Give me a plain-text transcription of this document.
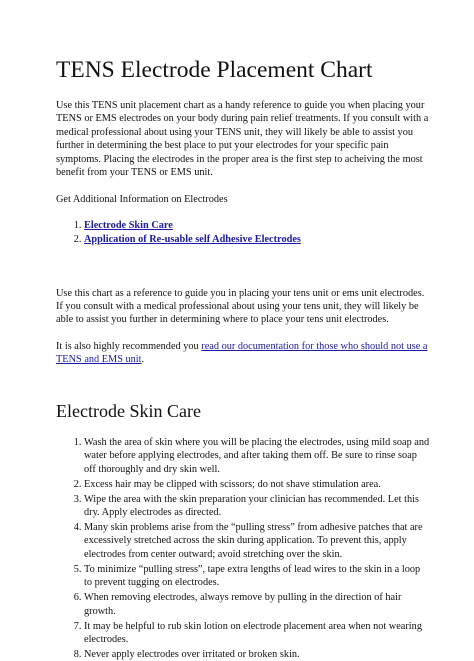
TENS Electrode Placement Chart

Use this TENS unit placement chart as a handy reference to guide you when placing your TENS or EMS electrodes on your body during pain relief treatments. If you consult with a medical professional about using your TENS unit, they will likely be able to assist you further in determining the best place to put your electrodes for your specific pain symptoms. Placing the electrodes in the proper area is the first step to acheiving the most benefit from your TENS or EMS unit.

Get Additional Information on Electrodes

1. Electrode Skin Care
2. Application of Re-usable self Adhesive Electrodes

Use this chart as a reference to guide you in placing your tens unit or ems unit electrodes. If you consult with a medical professional about using your tens unit, they will likely be able to assist you further in determining where to place your tens unit electrodes.

It is also highly recommended you read our documentation for those who should not use a TENS and EMS unit.

Electrode Skin Care
1. Wash the area of skin where you will be placing the electrodes, using mild soap and water before applying electrodes, and after taking them off. Be sure to rinse soap off thoroughly and dry skin well.
2. Excess hair may be clipped with scissors; do not shave stimulation area.
3. Wipe the area with the skin preparation your clinician has recommended. Let this dry. Apply electrodes as directed.
4. Many skin problems arise from the “pulling stress” from adhesive patches that are excessively stretched across the skin during application. To prevent this, apply electrodes from center outward; avoid stretching over the skin.
5. To minimize “pulling stress”, tape extra lengths of lead wires to the skin in a loop to prevent tugging on electrodes.
6. When removing electrodes, always remove by pulling in the direction of hair growth.
7. It may be helpful to rub skin lotion on electrode placement area when not wearing electrodes.
8. Never apply electrodes over irritated or broken skin.
